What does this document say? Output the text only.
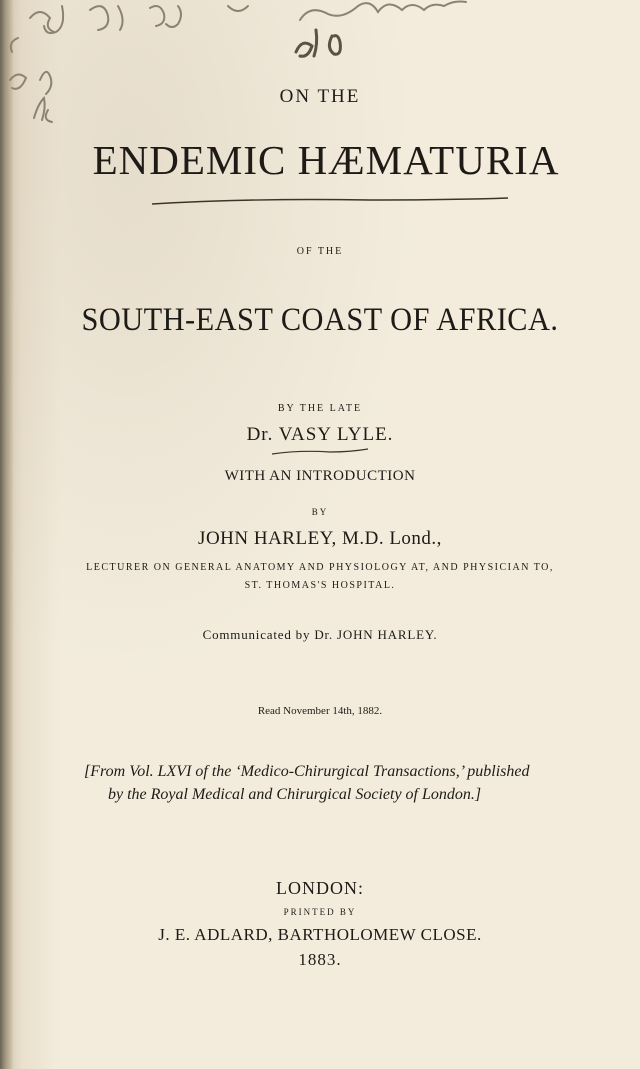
ON THE
ENDEMIC HÆMATURIA
OF THE
SOUTH-EAST COAST OF AFRICA.
BY THE LATE
Dr. VASY LYLE.
WITH AN INTRODUCTION
BY
JOHN HARLEY, M.D. Lond.,
LECTURER ON GENERAL ANATOMY AND PHYSIOLOGY AT, AND PHYSICIAN TO,
ST. THOMAS'S HOSPITAL.
Communicated by Dr. JOHN HARLEY.
Read November 14th, 1882.
[From Vol. LXVI of the ‘Medico-Chirurgical Transactions,’ published
by the Royal Medical and Chirurgical Society of London.]
LONDON:
PRINTED BY
J. E. ADLARD, BARTHOLOMEW CLOSE.
1883.
